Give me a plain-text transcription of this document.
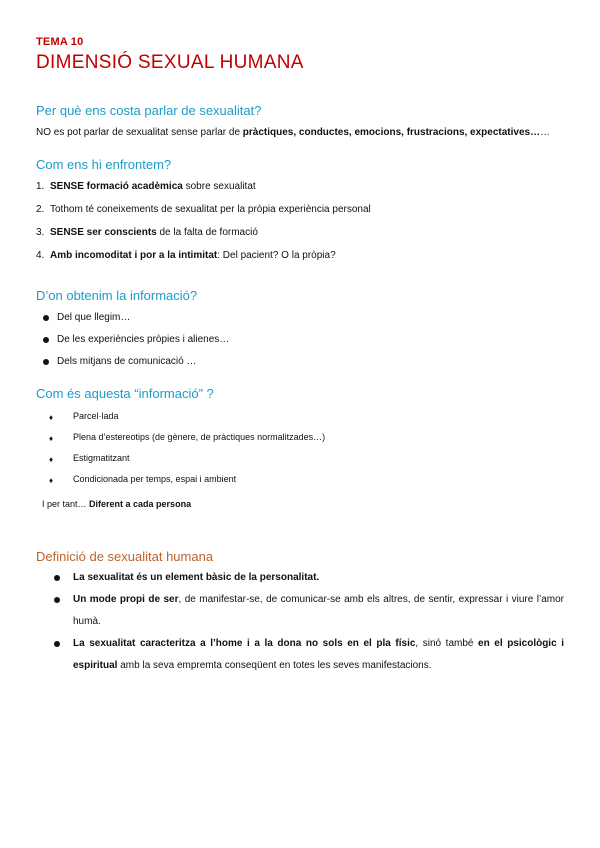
TEMA 10

DIMENSIÓ SEXUAL HUMANA
Per què ens costa parlar de sexualitat?

NO es pot parlar de sexualitat sense parlar de pràctiques, conductes, emocions, frustracions, expectatives……

Com ens hi enfrontem?
1. SENSE formació acadèmica sobre sexualitat
2. Tothom té coneixements de sexualitat per la pròpia experiència personal
3. SENSE ser conscients de la falta de formació
4. Amb incomoditat i por a la intimitat: Del pacient? O la pròpia?
D’on obtenim la informació?
Del que llegim…
De les experiències pròpies i alienes…
Dels mitjans de comunicació …
Com és aquesta “informació” ?
♦ Parcel·lada
♦ Plena d’estereotips (de gènere, de pràctiques normalitzades…)
♦ Estigmatitzant
♦ Condicionada per temps, espai i ambient

I per tant… Diferent a cada persona

Definició de sexualitat humana
La sexualitat és un element bàsic de la personalitat.
Un mode propi de ser, de manifestar-se, de comunicar-se amb els altres, de sentir, expressar i viure l’amor humà.
La sexualitat caracteritza a l’home i a la dona no sols en el pla físic, sinó també en el psicològic i espiritual amb la seva empremta conseqüent en totes les seves manifestacions.
